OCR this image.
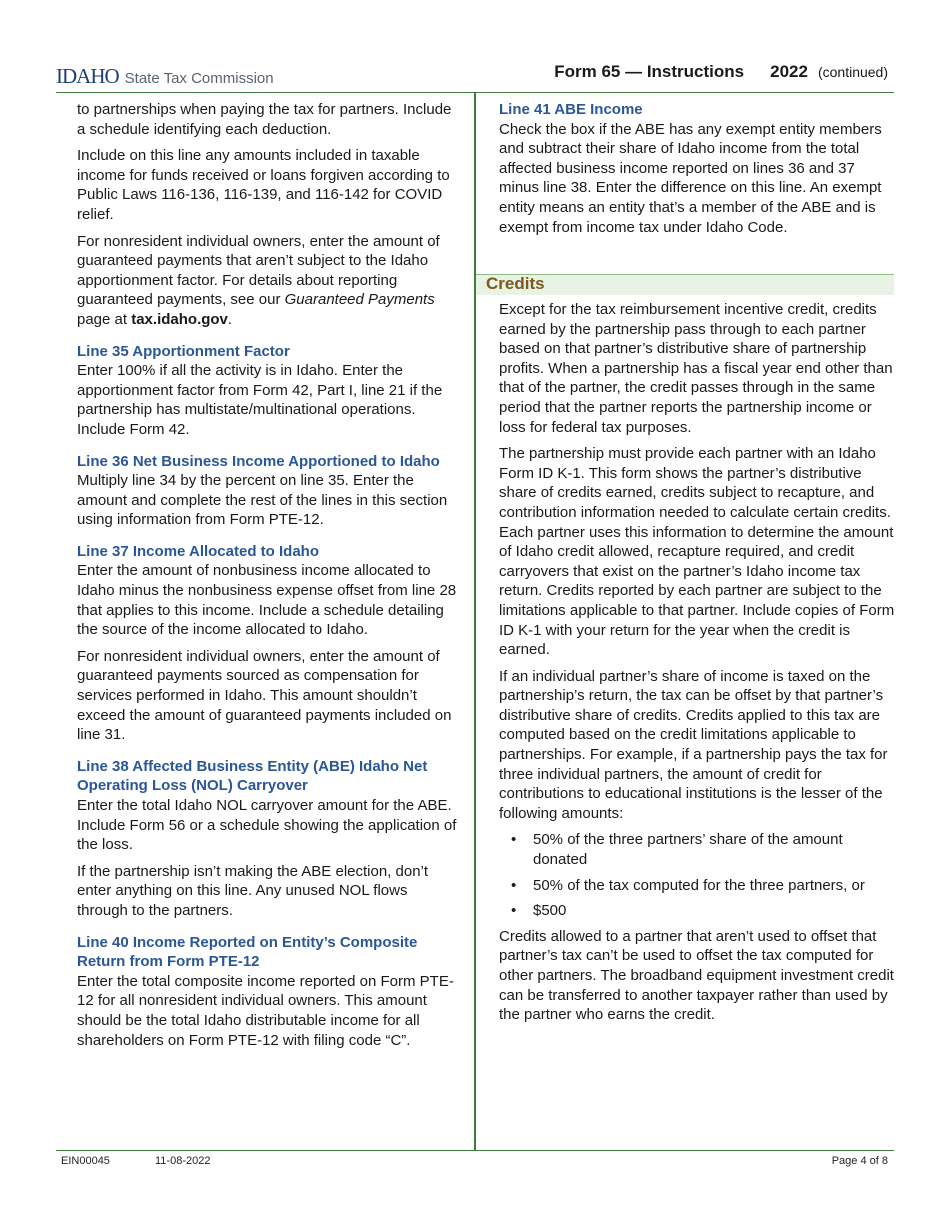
IDAHO State Tax Commission	Form 65 — Instructions 2022 (continued)

to partnerships when paying the tax for partners. Include a schedule identifying each deduction.

Include on this line any amounts included in taxable income for funds received or loans forgiven according to Public Laws 116-136, 116-139, and 116-142 for COVID relief.

For nonresident individual owners, enter the amount of guaranteed payments that aren’t subject to the Idaho apportionment factor. For details about reporting guaranteed payments, see our Guaranteed Payments page at tax.idaho.gov.

Line 35 Apportionment Factor

Enter 100% if all the activity is in Idaho. Enter the apportionment factor from Form 42, Part I, line 21 if the partnership has multistate/multinational operations. Include Form 42.

Line 36 Net Business Income Apportioned to Idaho

Multiply line 34 by the percent on line 35. Enter the amount and complete the rest of the lines in this section using information from Form PTE-12.

Line 37 Income Allocated to Idaho

Enter the amount of nonbusiness income allocated to Idaho minus the nonbusiness expense offset from line 28 that applies to this income. Include a schedule detailing the source of the income allocated to Idaho.

For nonresident individual owners, enter the amount of guaranteed payments sourced as compensation for services performed in Idaho. This amount shouldn’t exceed the amount of guaranteed payments included on line 31.

Line 38 Affected Business Entity (ABE) Idaho Net Operating Loss (NOL) Carryover

Enter the total Idaho NOL carryover amount for the ABE. Include Form 56 or a schedule showing the application of the loss.

If the partnership isn’t making the ABE election, don’t enter anything on this line. Any unused NOL flows through to the partners.

Line 40 Income Reported on Entity’s Composite Return from Form PTE-12

Enter the total composite income reported on Form PTE-12 for all nonresident individual owners. This amount should be the total Idaho distributable income for all shareholders on Form PTE-12 with filing code “C”.

Line 41 ABE Income

Check the box if the ABE has any exempt entity members and subtract their share of Idaho income from the total affected business income reported on lines 36 and 37 minus line 38. Enter the difference on this line. An exempt entity means an entity that’s a member of the ABE and is exempt from income tax under Idaho Code.

Credits

Except for the tax reimbursement incentive credit, credits earned by the partnership pass through to each partner based on that partner’s distributive share of partnership profits. When a partnership has a fiscal year end other than that of the partner, the credit passes through in the same period that the partner reports the partnership income or loss for federal tax purposes.

The partnership must provide each partner with an Idaho Form ID K-1. This form shows the partner’s distributive share of credits earned, credits subject to recapture, and contribution information needed to calculate certain credits. Each partner uses this information to determine the amount of Idaho credit allowed, recapture required, and credit carryovers that exist on the partner’s Idaho income tax return. Credits reported by each partner are subject to the limitations applicable to that partner. Include copies of Form ID K-1 with your return for the year when the credit is earned.

If an individual partner’s share of income is taxed on the partnership’s return, the tax can be offset by that partner’s distributive share of credits. Credits applied to this tax are computed based on the credit limitations applicable to partnerships. For example, if a partnership pays the tax for three individual partners, the amount of credit for contributions to educational institutions is the lesser of the following amounts:

• 50% of the three partners’ share of the amount donated
• 50% of the tax computed for the three partners, or
• $500

Credits allowed to a partner that aren’t used to offset that partner’s tax can’t be used to offset the tax computed for other partners. The broadband equipment investment credit can be transferred to another taxpayer rather than used by the partner who earns the credit.

EIN00045	11-08-2022	Page 4 of 8
